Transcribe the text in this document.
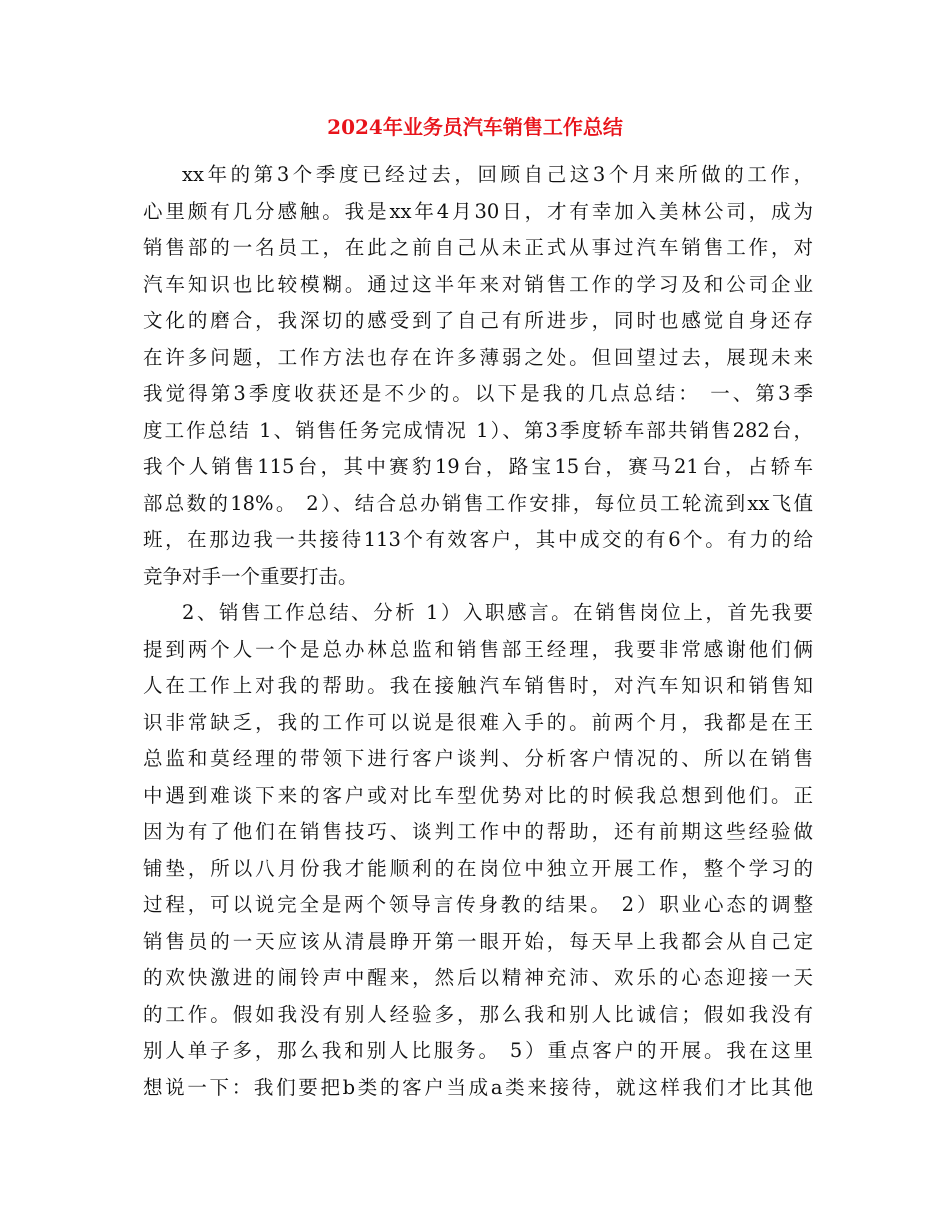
2024年业务员汽车销售工作总结
xx年的第3个季度已经过去，回顾自己这3个月来所做的工作，
心里颇有几分感触。我是xx年4月30日，才有幸加入美林公司，成为
销售部的一名员工，在此之前自己从未正式从事过汽车销售工作，对
汽车知识也比较模糊。通过这半年来对销售工作的学习及和公司企业
文化的磨合，我深切的感受到了自己有所进步，同时也感觉自身还存
在许多问题，工作方法也存在许多薄弱之处。但回望过去，展现未来
我觉得第3季度收获还是不少的。以下是我的几点总结： 一、第3季
度工作总结 1、销售任务完成情况 1）、第3季度轿车部共销售282台，
我个人销售115台，其中赛豹19台，路宝15台，赛马21台，占轿车
部总数的18%。 2）、结合总办销售工作安排，每位员工轮流到xx飞值
班，在那边我一共接待113个有效客户，其中成交的有6个。有力的给
竞争对手一个重要打击。
2、销售工作总结、分析 1）入职感言。在销售岗位上，首先我要
提到两个人一个是总办林总监和销售部王经理，我要非常感谢他们俩
人在工作上对我的帮助。我在接触汽车销售时，对汽车知识和销售知
识非常缺乏，我的工作可以说是很难入手的。前两个月，我都是在王
总监和莫经理的带领下进行客户谈判、分析客户情况的、所以在销售
中遇到难谈下来的客户或对比车型优势对比的时候我总想到他们。正
因为有了他们在销售技巧、谈判工作中的帮助，还有前期这些经验做
铺垫，所以八月份我才能顺利的在岗位中独立开展工作，整个学习的
过程，可以说完全是两个领导言传身教的结果。 2）职业心态的调整
销售员的一天应该从清晨睁开第一眼开始，每天早上我都会从自己定
的欢快激进的闹铃声中醒来，然后以精神充沛、欢乐的心态迎接一天
的工作。假如我没有别人经验多，那么我和别人比诚信；假如我没有
别人单子多，那么我和别人比服务。 5）重点客户的开展。我在这里
想说一下：我们要把b类的客户当成a类来接待，就这样我们才比其他
